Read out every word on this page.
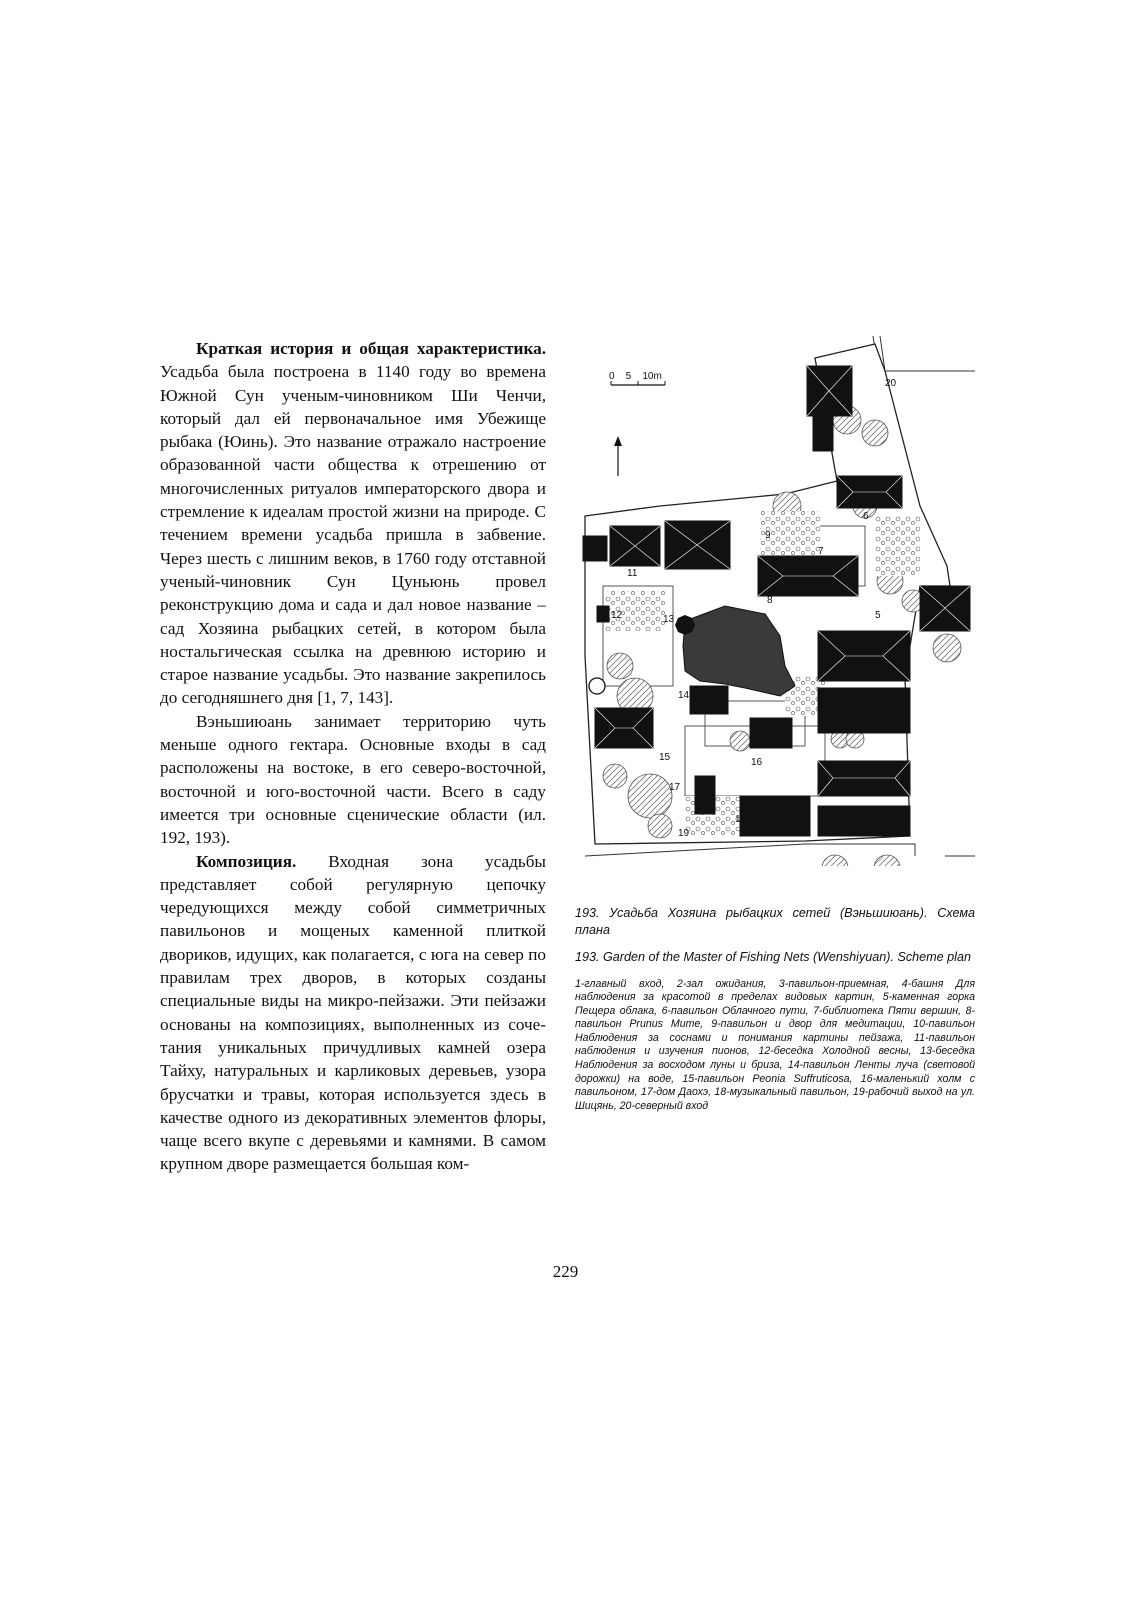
Краткая история и общая характеристика. Усадьба была построена в 1140 году во времена Южной Сун ученым-чиновником Ши Ченчи, который дал ей первоначальное имя Убежище рыбака (Юинь). Это название отражало настроение образованной части общества к отрешению от многочисленных ритуалов императорского двора и стремление к идеалам простой жизни на природе. С течением времени усадьба пришла в забвение. Через шесть с лишним веков, в 1760 году отставной ученый-чиновник Сун Цуньюнь провел реконструкцию дома и сада и дал новое название – сад Хозяина рыбацких сетей, в котором была ностальгическая ссылка на древнюю историю и старое название усадьбы. Это название закрепилось до сегодняшнего дня [1, 7, 143].

Вэньшиюань занимает территорию чуть меньше одного гектара. Основные входы в сад расположены на востоке, в его северо-восточной, восточной и юго-восточной части. Всего в саду имеется три основные сценические области (ил. 192, 193).

Композиция. Входная зона усадьбы представляет собой регулярную цепочку чередующихся между собой симметричных павильонов и мощеных каменной плиткой двориков, идущих, как полагается, с юга на север по правилам трех дворов, в которых созданы специальные виды на микро-пейзажи. Эти пейзажи основаны на композициях, выполненных из сочетания уникальных причудливых камней озера Тайху, натуральных и карликовых деревьев, узора брусчатки и травы, которая используется здесь в качестве одного из декоративных элементов флоры, чаще всего вкупе с деревьями и камнями. В самом крупном дворе размещается большая ком-

0    5    10m
1
2
3
4
5
6
7
8
9
10
11
12	13
14
15	16
17
18
19
20

193. Усадьба Хозяина рыбацких сетей (Вэньшиюань). Схема плана

193. Garden of the Master of Fishing Nets (Wenshiyuan). Scheme plan

1-главный вход, 2-зал ожидания, 3-павильон-приемная, 4-башня Для наблюдения за красотой в пределах видовых картин, 5-каменная горка Пещера облака, 6-павильон Облачного пути, 7-библиотека Пяти вершин, 8-павильон Prunus Mume, 9-павильон и двор для медитации, 10-павильон Наблюдения за соснами и понимания картины пейзажа, 11-павильон наблюдения и изучения пионов, 12-беседка Холодной весны, 13-беседка Наблюдения за восходом луны и бриза, 14-павильон Ленты луча (световой дорожки) на воде, 15-павильон Peonia Suffruticosa, 16-маленький холм с павильоном, 17-дом Даохэ, 18-музыкальный павильон, 19-рабочий выход на ул. Шицянь, 20-северный вход
229
